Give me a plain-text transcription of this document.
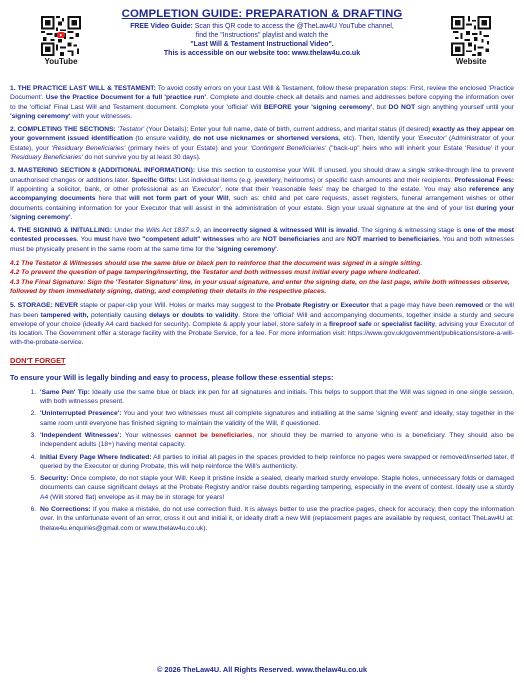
YouTube	Website
COMPLETION GUIDE: PREPARATION & DRAFTING
FREE Video Guide: Scan this QR code to access the @TheLaw4U YouTube channel,
find the "Instructions" playlist and watch the
"Last Will & Testament Instructional Video".
This is accessible on our website too: www.thelaw4u.co.uk

1. THE PRACTICE LAST WILL & TESTAMENT: To avoid costly errors on your Last Will & Testament, follow these preparation steps: First, review the enclosed 'Practice Document'. Use the Practice Document for a full 'practice run'. Complete and double check all details and names and addresses before copying the information over to the 'official' Final Last Will and Testament document. Complete your 'official' Will BEFORE your 'signing ceremony', but DO NOT sign anything yourself until your 'signing ceremony' with your witnesses.

2. COMPLETING THE SECTIONS: 'Testator' (Your Details): Enter your full name, date of birth, current address, and marital status (if desired) exactly as they appear on your government issued identification (to ensure validity, do not use nicknames or shortened versions, etc). Then, Identify your 'Executor' (Administrator of your Estate), your 'Residuary Beneficiaries' (primary heirs of your Estate) and your 'Contingent Beneficiaries' ("back-up" heirs who will inherit your Estate 'Residue' if your 'Residuary Beneficiaries' do not survive you by at least 30 days).

3. MASTERING SECTION 8 (ADDITIONAL INFORMATION): Use this section to customise your Will. If unused, you should draw a single strike-through line to prevent unauthorised changes or additions later. Specific Gifts: List individual items (e.g. jewellery, heirlooms) or specific cash amounts and their recipients. Professional Fees: If appointing a solicitor, bank, or other professional as an 'Executor', note that their 'reasonable fees' may be charged to the estate. You may also reference any accompanying documents here that will not form part of your Will, such as: child and pet care requests, asset registers, funeral arrangement wishes or other documents containing information for your Executor that will assist in the administration of your estate. Sign your usual signature at the end of your list during your 'signing ceremony'.

4. THE SIGNING & INITIALLING: Under the Wills Act 1837 s.9, an incorrectly signed & witnessed Will is invalid. The signing & witnessing stage is one of the most contested processes. You must have two "competent adult" witnesses who are NOT beneficiaries and are NOT married to beneficiaries. You and both witnesses must be physically present in the same room at the same time for the 'signing ceremony'.

4.1 The Testator & Witnesses should use the same blue or black pen to reinforce that the document was signed in a single sitting.
4.2 To prevent the question of page tampering/inserting, the Testator and both witnesses must initial every page where indicated.
4.3 The Final Signature: Sign the 'Testator Signature' line, in your usual signature, and enter the signing date, on the last page, while both witnesses observe, followed by them immediately signing, dating, and completing their details in the respective places.

5. STORAGE: NEVER staple or paper-clip your Will. Holes or marks may suggest to the Probate Registry or Executor that a page may have been removed or the will has been tampered with, potentially causing delays or doubts to validity. Store the 'official' Will and accompanying documents, together inside a sturdy and secure envelope of your choice (ideally A4 card backed for security). Complete & apply your label, store safely in a fireproof safe or specialist facility, advising your Executor of its location. The Government offer a storage facility with the Probate Service, for a fee. For more information visit: https://www.gov.uk/government/publications/store-a-will-with-the-probate-service.

DON'T FORGET
To ensure your Will is legally binding and easy to process, please follow these essential steps:
1. 'Same Pen' Tip: Ideally use the same blue or black ink pen for all signatures and initials. This helps to support that the Will was signed in one single session, with both witnesses present.
2. 'Uninterrupted Presence': You and your two witnesses must all complete signatures and initialling at the same 'signing event' and ideally, stay together in the same room until everyone has finished signing to maintain the validity of the Will, if questioned.
3. 'Independent Witnesses': Your witnesses cannot be beneficiaries, nor should they be married to anyone who is a beneficiary. They should also be independent adults (18+) having mental capacity.
4. Initial Every Page Where Indicated: All parties to initial all pages in the spaces provided to help reinforce no pages were swapped or removed/inserted later. If queried by the Executor or during Probate, this will help reinforce the Will's authenticity.
5. Security: Once complete, do not staple your Will. Keep it pristine inside a sealed, clearly marked sturdy envelope. Staple holes, unnecessary folds or damaged documents can cause significant delays at the Probate Registry and/or raise doubts regarding tampering, especially in the event of contest. Ideally use a sturdy A4 (Will stored flat) envelope as it may be in storage for years!
6. No Corrections: If you make a mistake, do not use correction fluid. It is always better to use the practice pages, check for accuracy, then copy the information over. In the unfortunate event of an error, cross it out and initial it, or ideally draft a new Will (replacement pages are available by request, contact TheLaw4U at: thelaw4u.enquiries@gmail.com or www.thelaw4u.co.uk).
© 2026 TheLaw4U. All Rights Reserved. www.thelaw4u.co.uk
